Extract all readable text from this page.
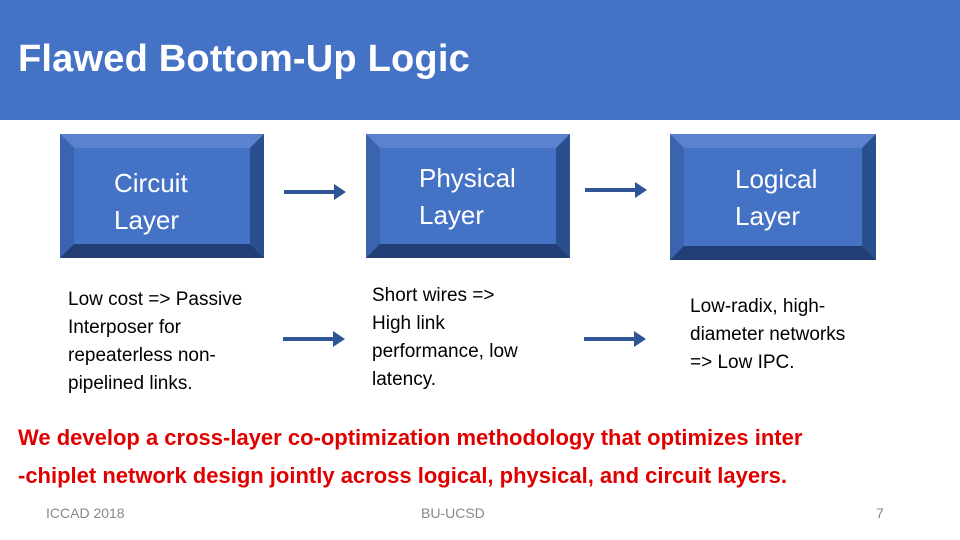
Flawed Bottom-Up Logic
Circuit
Layer
Physical
Layer
Logical
Layer
Low cost => Passive
Interposer for
repeaterless non-
pipelined links.
Short wires =>
High link
performance, low
latency.
Low-radix, high-
diameter networks
=> Low IPC.
We develop a cross-layer co-optimization methodology that optimizes inter
-chiplet network design jointly across logical, physical, and circuit layers.
ICCAD 2018	BU-UCSD	7
